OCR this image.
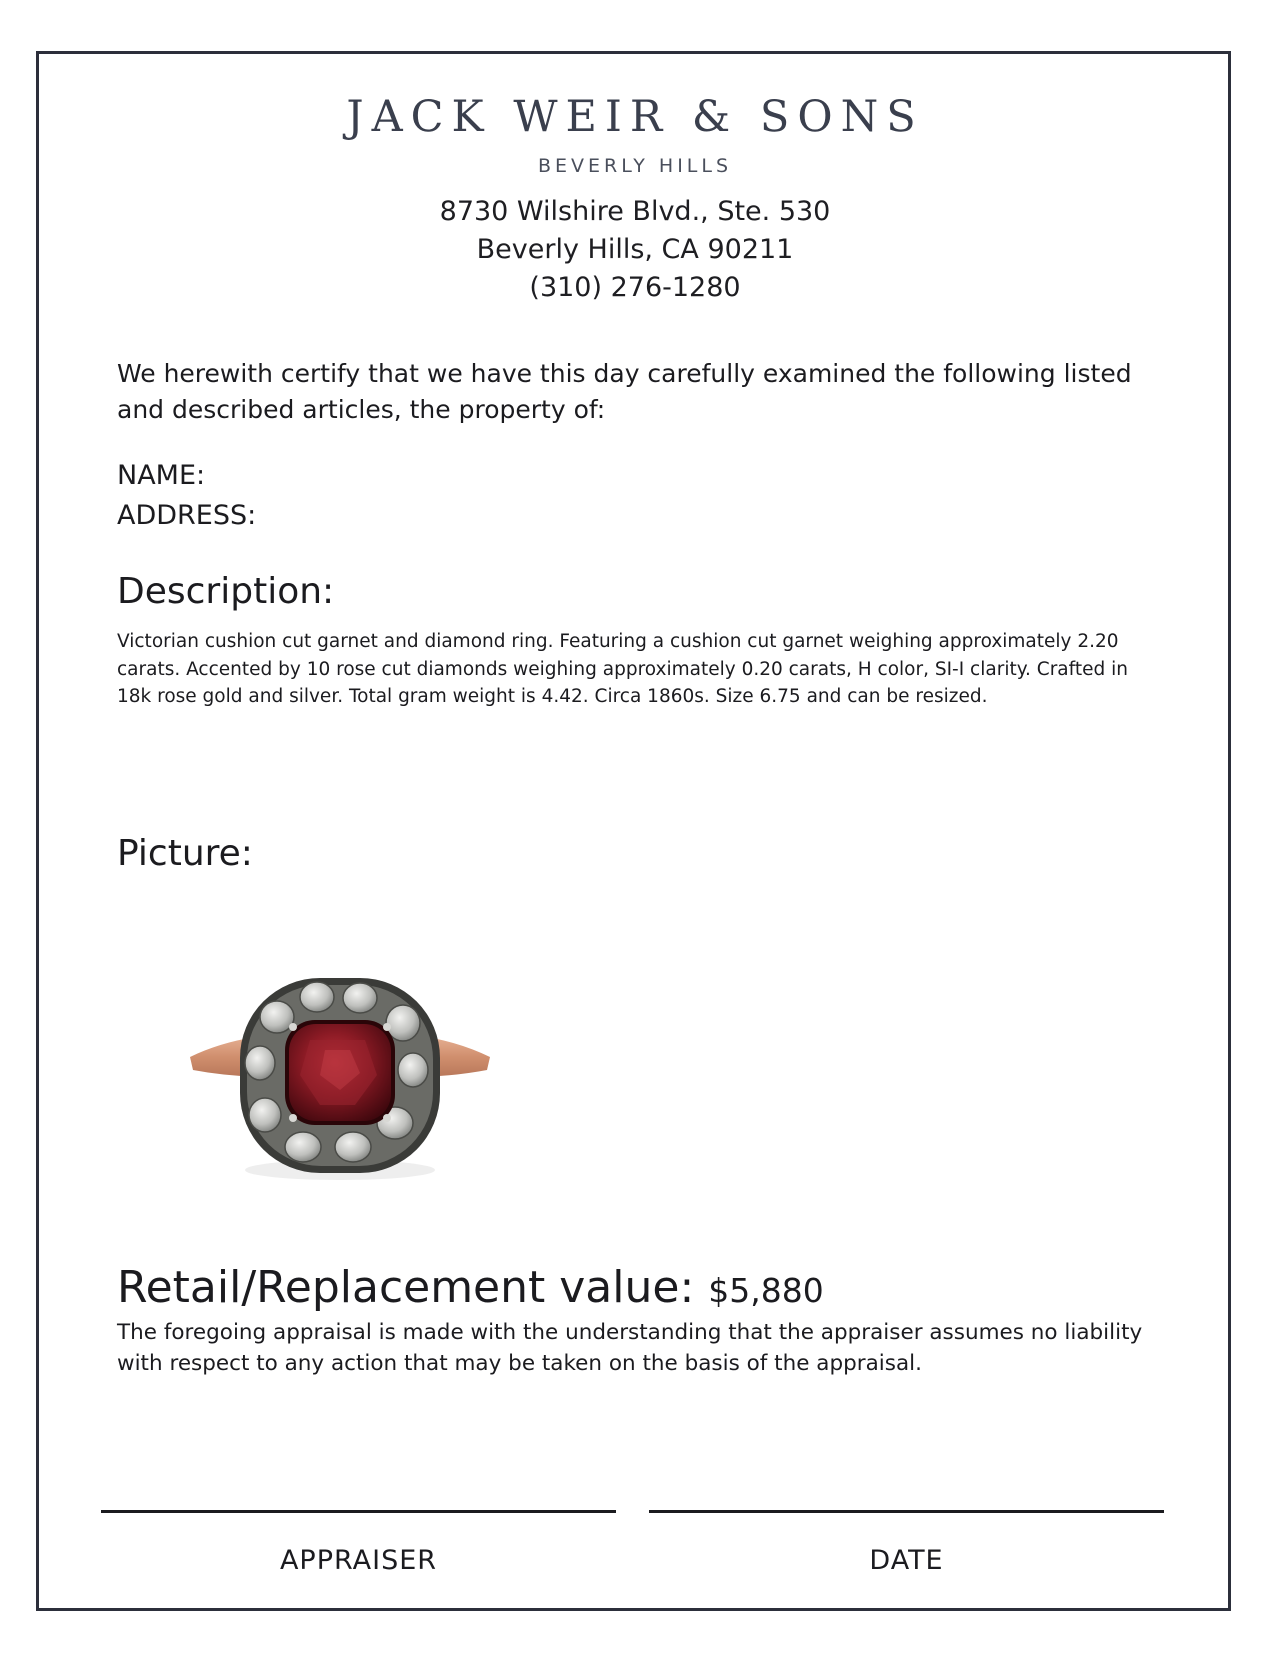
JACK WEIR & SONS
BEVERLY HILLS
8730 Wilshire Blvd., Ste. 530
Beverly Hills, CA 90211
(310) 276-1280
We herewith certify that we have this day carefully examined the following listed and described articles, the property of:
NAME:
ADDRESS:
Description:
Victorian cushion cut garnet and diamond ring. Featuring a cushion cut garnet weighing approximately 2.20 carats. Accented by 10 rose cut diamonds weighing approximately 0.20 carats, H color, SI-I clarity. Crafted in 18k rose gold and silver. Total gram weight is 4.42. Circa 1860s. Size 6.75 and can be resized.
Picture:
Retail/Replacement value: $5,880
The foregoing appraisal is made with the understanding that the appraiser assumes no liability with respect to any action that may be taken on the basis of the appraisal.
APPRAISER	DATE
